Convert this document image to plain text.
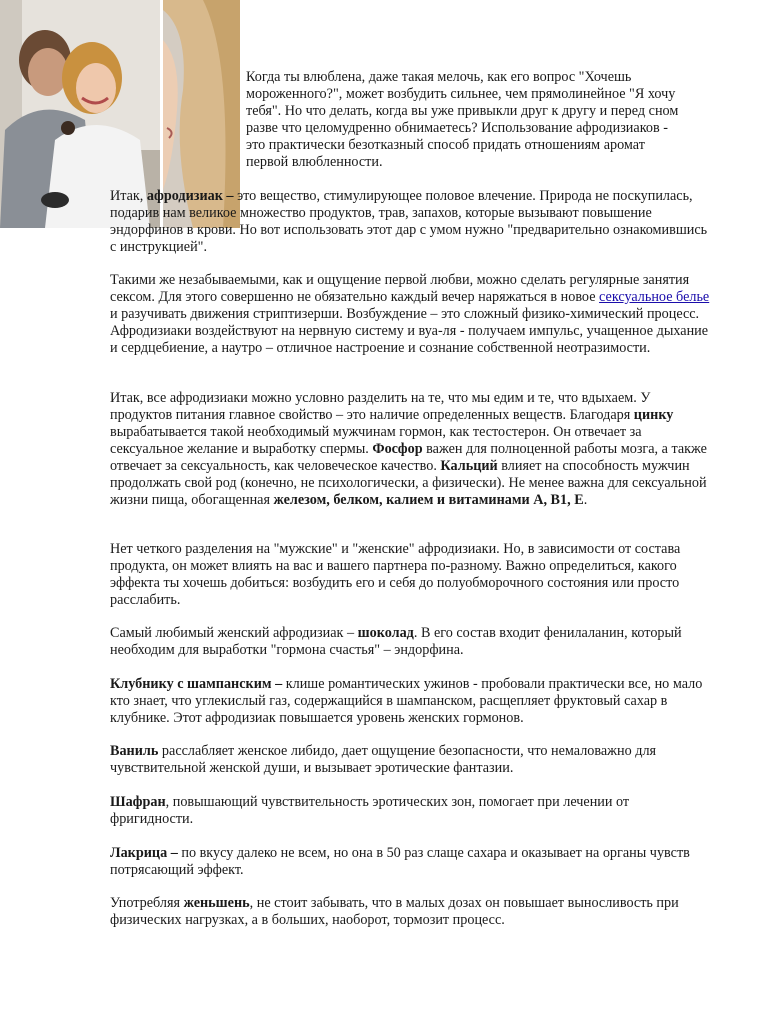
Когда ты влюблена, даже такая мелочь, как его вопрос "Хочешь мороженного?", может возбудить сильнее, чем прямолинейное "Я хочу тебя". Но что делать, когда вы уже привыкли друг к другу и перед сном разве что целомудренно обнимаетесь? Использование афродизиаков - это практически безотказный способ придать отношениям аромат первой влюбленности.

Итак, афродизиак – это вещество, стимулирующее половое влечение. Природа не поскупилась, подарив нам великое множество продуктов, трав, запахов, которые вызывают повышение эндорфинов в крови. Но вот использовать этот дар с умом нужно "предварительно ознакомившись с инструкцией".

Такими же незабываемыми, как и ощущение первой любви, можно сделать регулярные занятия сексом. Для этого совершенно не обязательно каждый вечер наряжаться в новое сексуальное белье и разучивать движения стриптизерши. Возбуждение – это сложный физико-химический процесс. Афродизиаки воздействуют на нервную систему и вуа-ля - получаем импульс, учащенное дыхание и сердцебиение, а наутро – отличное настроение и сознание собственной неотразимости.

Итак, все афродизиаки можно условно разделить на те, что мы едим и те, что вдыхаем. У продуктов питания главное свойство – это наличие определенных веществ. Благодаря цинку вырабатывается такой необходимый мужчинам гормон, как тестостерон. Он отвечает за сексуальное желание и выработку спермы. Фосфор важен для полноценной работы мозга, а также отвечает за сексуальность, как человеческое качество. Кальций влияет на способность мужчин продолжать свой род (конечно, не психологически, а физически). Не менее важна для сексуальной жизни пища, обогащенная железом, белком, калием и витаминами А, В1, Е.

Нет четкого разделения на "мужские" и "женские" афродизиаки. Но, в зависимости от состава продукта, он может влиять на вас и вашего партнера по-разному. Важно определиться, какого эффекта ты хочешь добиться: возбудить его и себя до полуобморочного состояния или просто расслабить.

Самый любимый женский афродизиак – шоколад. В его состав входит фенилаланин, который необходим для выработки "гормона счастья" – эндорфина.

Клубнику с шампанским – клише романтических ужинов - пробовали практически все, но мало кто знает, что углекислый газ, содержащийся в шампанском, расщепляет фруктовый сахар в клубнике. Этот афродизиак повышается уровень женских гормонов.

Ваниль расслабляет женское либидо, дает ощущение безопасности, что немаловажно для чувствительной женской души, и вызывает эротические фантазии.

Шафран, повышающий чувствительность эротических зон, помогает при лечении от фригидности.

Лакрица – по вкусу далеко не всем, но она в 50 раз слаще сахара и оказывает на органы чувств потрясающий эффект.

Употребляя женьшень, не стоит забывать, что в малых дозах он повышает выносливость при физических нагрузках, а в больших, наоборот, тормозит процесс.
